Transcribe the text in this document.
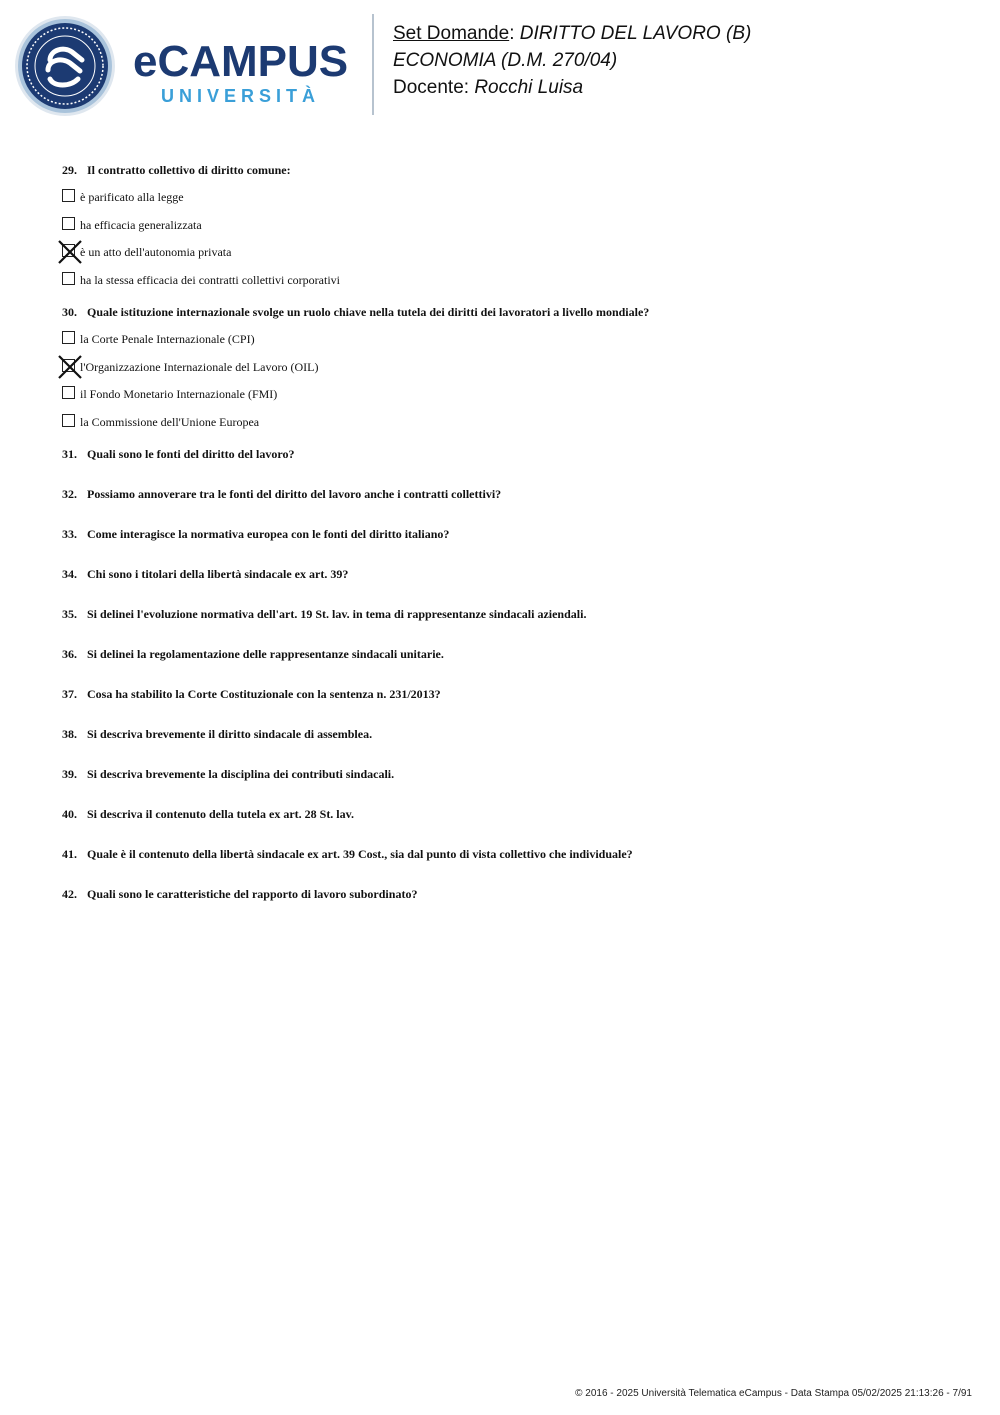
eCAMPUS
UNIVERSITÀ
Set Domande: DIRITTO DEL LAVORO (B)
ECONOMIA (D.M. 270/04)
Docente: Rocchi Luisa
29. Il contratto collettivo di diritto comune:
è parificato alla legge
ha efficacia generalizzata
è un atto dell'autonomia privata
ha la stessa efficacia dei contratti collettivi corporativi
30. Quale istituzione internazionale svolge un ruolo chiave nella tutela dei diritti dei lavoratori a livello mondiale?
la Corte Penale Internazionale (CPI)
l'Organizzazione Internazionale del Lavoro (OIL)
il Fondo Monetario Internazionale (FMI)
la Commissione dell'Unione Europea
31. Quali sono le fonti del diritto del lavoro?
32. Possiamo annoverare tra le fonti del diritto del lavoro anche i contratti collettivi?
33. Come interagisce la normativa europea con le fonti del diritto italiano?
34. Chi sono i titolari della libertà sindacale ex art. 39?
35. Si delinei l'evoluzione normativa dell'art. 19 St. lav. in tema di rappresentanze sindacali aziendali.
36. Si delinei la regolamentazione delle rappresentanze sindacali unitarie.
37. Cosa ha stabilito la Corte Costituzionale con la sentenza n. 231/2013?
38. Si descriva brevemente il diritto sindacale di assemblea.
39. Si descriva brevemente la disciplina dei contributi sindacali.
40. Si descriva il contenuto della tutela ex art. 28 St. lav.
41. Quale è il contenuto della libertà sindacale ex art. 39 Cost., sia dal punto di vista collettivo che individuale?
42. Quali sono le caratteristiche del rapporto di lavoro subordinato?
© 2016 - 2025 Università Telematica eCampus - Data Stampa 05/02/2025 21:13:26 - 7/91
